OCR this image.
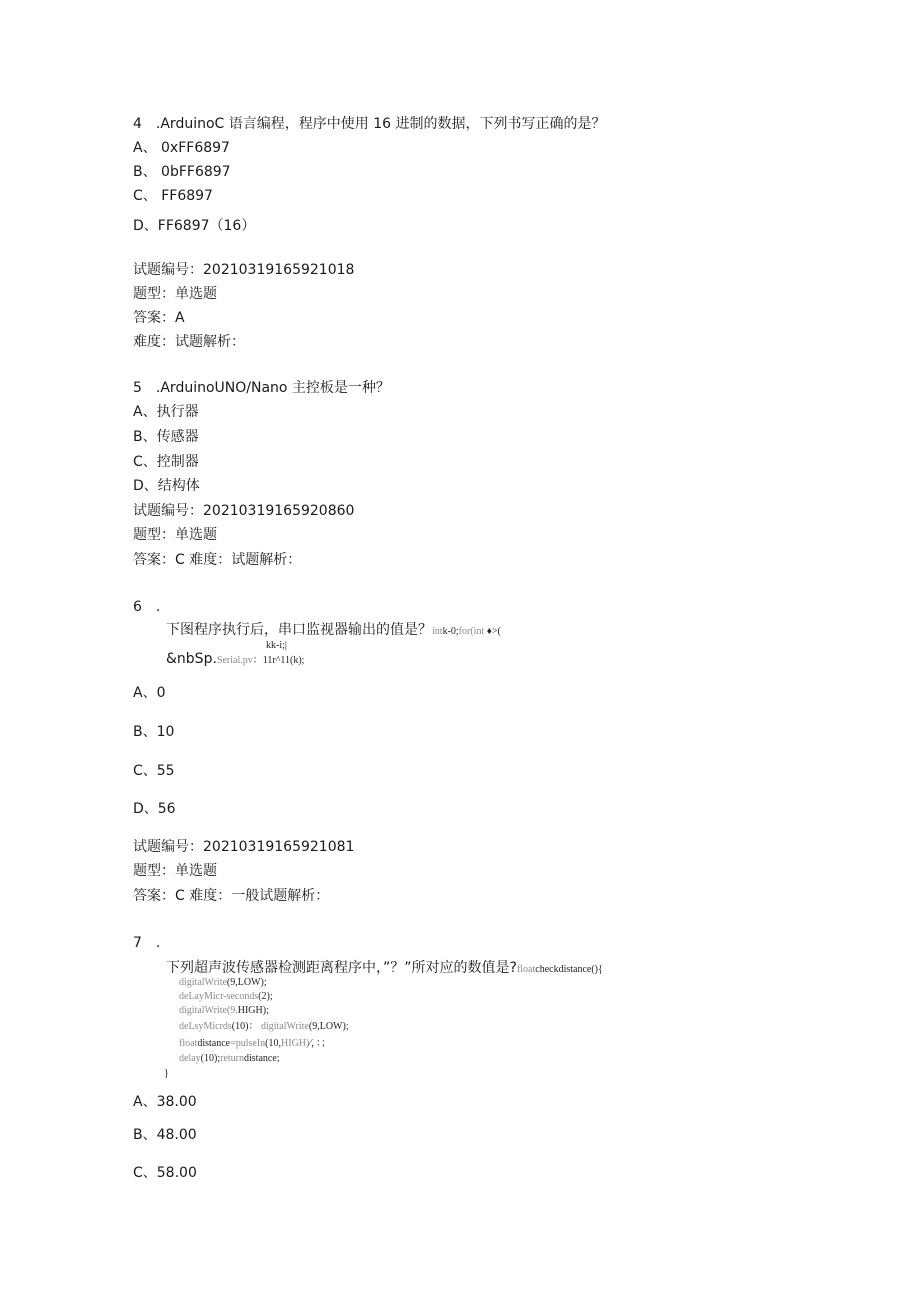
4　.ArduinoC 语言编程，程序中使用 16 进制的数据，下列书写正确的是？
A、 0xFF6897
B、 0bFF6897
C、 FF6897
D、FF6897（16）
试题编号：20210319165921018
题型：单选题
答案：A
难度：试题解析：
5　.ArduinoUNO/Nano 主控板是一种？
A、执行器
B、传感器
C、控制器
D、结构体
试题编号：20210319165920860
题型：单选题
答案：C 难度：试题解析：
6　.
下图程序执行后，串口监视器输出的值是？intk-0;for(int ♦>(
kk-i;|
&nbSp.Serial.pv：11r^11(k);
A、0
B、10
C、55
D、56
试题编号：20210319165921081
题型：单选题
答案：C 难度：一般试题解析：
7　.
下列超声波传感器检测距离程序中，”？”所对应的数值是?floatcheckdistance(){
digitalWrite(9,LOW);
deLayMicr-seconds(2);
digitalWrite(9.HIGH);
deLsyMicrds(10)： digitalWrite(9,LOW);
floatdistance=pulseIn(10,HIGH)⁄，：；
delay(10);returndistance;
}
A、38.00
B、48.00
C、58.00
